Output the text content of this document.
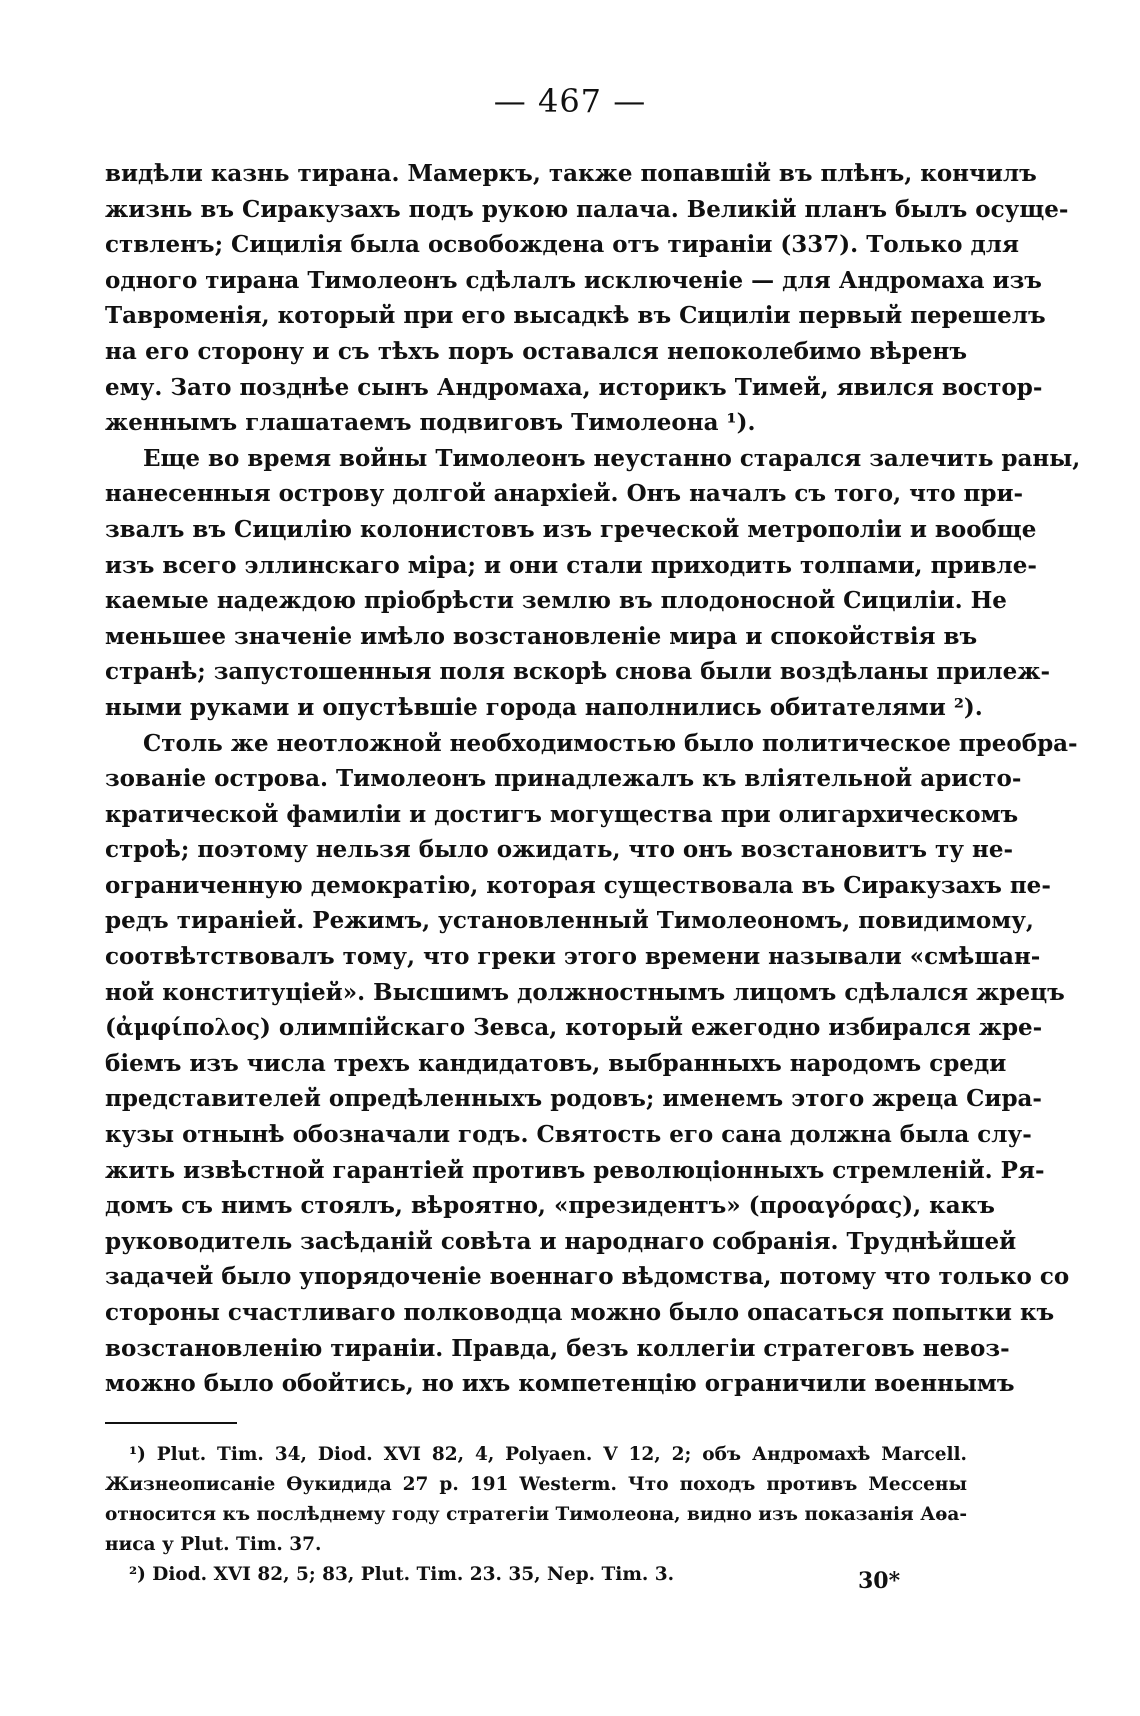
— 467 —
видѣли казнь тирана. Мамеркъ, также попавшій въ плѣнъ, кончилъ
жизнь въ Сиракузахъ подъ рукою палача. Великій планъ былъ осуще-
ствленъ; Сицилія была освобождена отъ тираніи (337). Только для
одного тирана Тимолеонъ сдѣлалъ исключеніе — для Андромаха изъ
Тавроменія, который при его высадкѣ въ Сициліи первый перешелъ
на его сторону и съ тѣхъ поръ оставался непоколебимо вѣренъ
ему. Зато позднѣе сынъ Андромаха, историкъ Тимей, явился востор-
женнымъ глашатаемъ подвиговъ Тимолеона ¹).
Еще во время войны Тимолеонъ неустанно старался залечить раны,
нанесенныя острову долгой анархіей. Онъ началъ съ того, что при-
звалъ въ Сицилію колонистовъ изъ греческой метрополіи и вообще
изъ всего эллинскаго міра; и они стали приходить толпами, привле-
каемые надеждою пріобрѣсти землю въ плодоносной Сициліи. Не
меньшее значеніе имѣло возстановленіе мира и спокойствія въ
странѣ; запустошенныя поля вскорѣ снова были воздѣланы прилеж-
ными руками и опустѣвшіе города наполнились обитателями ²).
Столь же неотложной необходимостью было политическое преобра-
зованіе острова. Тимолеонъ принадлежалъ къ вліятельной аристо-
кратической фамиліи и достигъ могущества при олигархическомъ
строѣ; поэтому нельзя было ожидать, что онъ возстановитъ ту не-
ограниченную демократію, которая существовала въ Сиракузахъ пе-
редъ тираніей. Режимъ, установленный Тимолеономъ, повидимому,
соотвѣтствовалъ тому, что греки этого времени называли «смѣшан-
ной конституціей». Высшимъ должностнымъ лицомъ сдѣлался жрецъ
(ἀμφίπολος) олимпійскаго Зевса, который ежегодно избирался жре-
біемъ изъ числа трехъ кандидатовъ, выбранныхъ народомъ среди
представителей опредѣленныхъ родовъ; именемъ этого жреца Сира-
кузы отнынѣ обозначали годъ. Святость его сана должна была слу-
жить извѣстной гарантіей противъ революціонныхъ стремленій. Ря-
домъ съ нимъ стоялъ, вѣроятно, «президентъ» (προαγόρας), какъ
руководитель засѣданій совѣта и народнаго собранія. Труднѣйшей
задачей было упорядоченіе военнаго вѣдомства, потому что только со
стороны счастливаго полководца можно было опасаться попытки къ
возстановленію тираніи. Правда, безъ коллегіи стратеговъ невоз-
можно было обойтись, но ихъ компетенцію ограничили военнымъ
¹) Plut. Tim. 34, Diod. XVI 82, 4, Polyaen. V 12, 2; объ Андромахѣ Marcell.
Жизнеописаніе Ѳукидида 27 p. 191 Westerm. Что походъ противъ Мессены
относится къ послѣднему году стратегіи Тимолеона, видно изъ показанія Аѳа-
ниса у Plut. Tim. 37.
²) Diod. XVI 82, 5; 83, Plut. Tim. 23. 35, Nep. Tim. 3.	30*
